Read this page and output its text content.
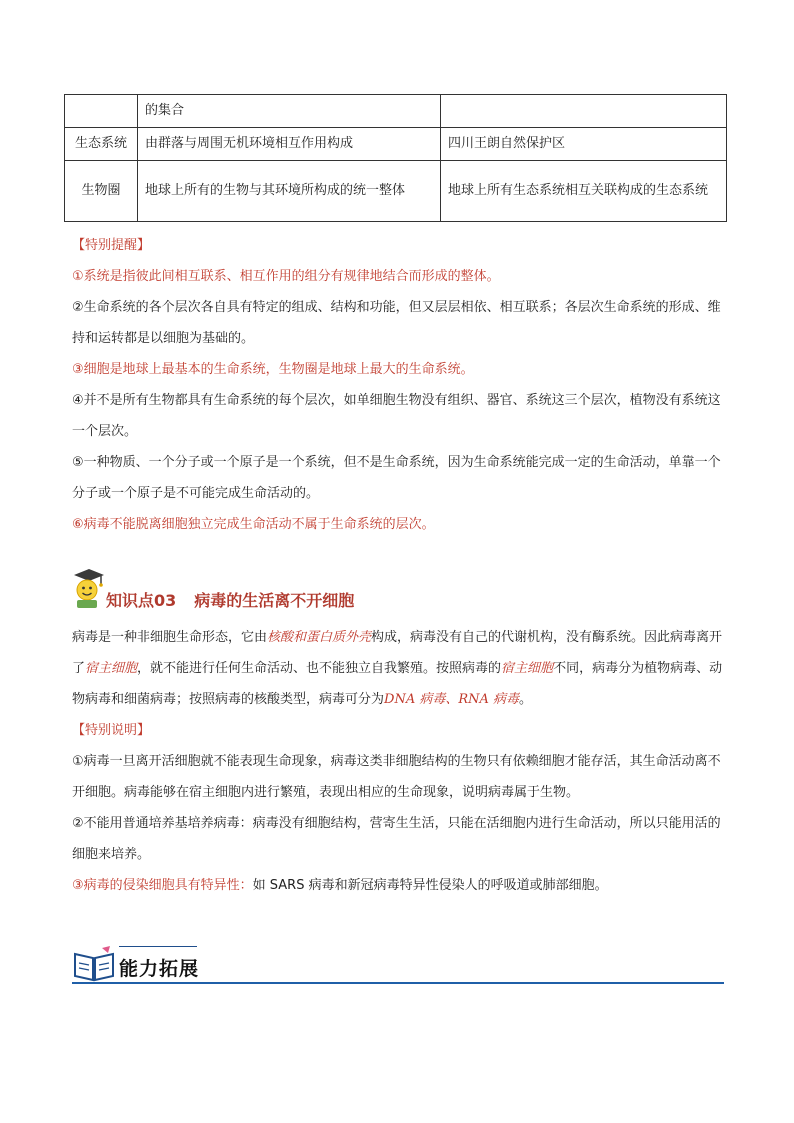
	的集合	
生态系统	由群落与周围无机环境相互作用构成	四川王朗自然保护区
生物圈	地球上所有的生物与其环境所构成的统一整体	地球上所有生态系统相互关联构成的生态系统

【特别提醒】

①系统是指彼此间相互联系、相互作用的组分有规律地结合而形成的整体。

②生命系统的各个层次各自具有特定的组成、结构和功能，但又层层相依、相互联系；各层次生命系统的形成、维持和运转都是以细胞为基础的。

③细胞是地球上最基本的生命系统，生物圈是地球上最大的生命系统。

④并不是所有生物都具有生命系统的每个层次，如单细胞生物没有组织、器官、系统这三个层次，植物没有系统这一个层次。

⑤一种物质、一个分子或一个原子是一个系统，但不是生命系统，因为生命系统能完成一定的生命活动，单靠一个分子或一个原子是不可能完成生命活动的。

⑥病毒不能脱离细胞独立完成生命活动不属于生命系统的层次。

知识点03 病毒的生活离不开细胞

病毒是一种非细胞生命形态，它由核酸和蛋白质外壳构成，病毒没有自己的代谢机构，没有酶系统。因此病毒离开了宿主细胞，就不能进行任何生命活动、也不能独立自我繁殖。按照病毒的宿主细胞不同，病毒分为植物病毒、动物病毒和细菌病毒；按照病毒的核酸类型，病毒可分为DNA 病毒、RNA 病毒。

【特别说明】

①病毒一旦离开活细胞就不能表现生命现象，病毒这类非细胞结构的生物只有依赖细胞才能存活，其生命活动离不开细胞。病毒能够在宿主细胞内进行繁殖，表现出相应的生命现象，说明病毒属于生物。

②不能用普通培养基培养病毒：病毒没有细胞结构，营寄生生活，只能在活细胞内进行生命活动，所以只能用活的细胞来培养。

③病毒的侵染细胞具有特异性：如 SARS 病毒和新冠病毒特异性侵染人的呼吸道或肺部细胞。

能力拓展
